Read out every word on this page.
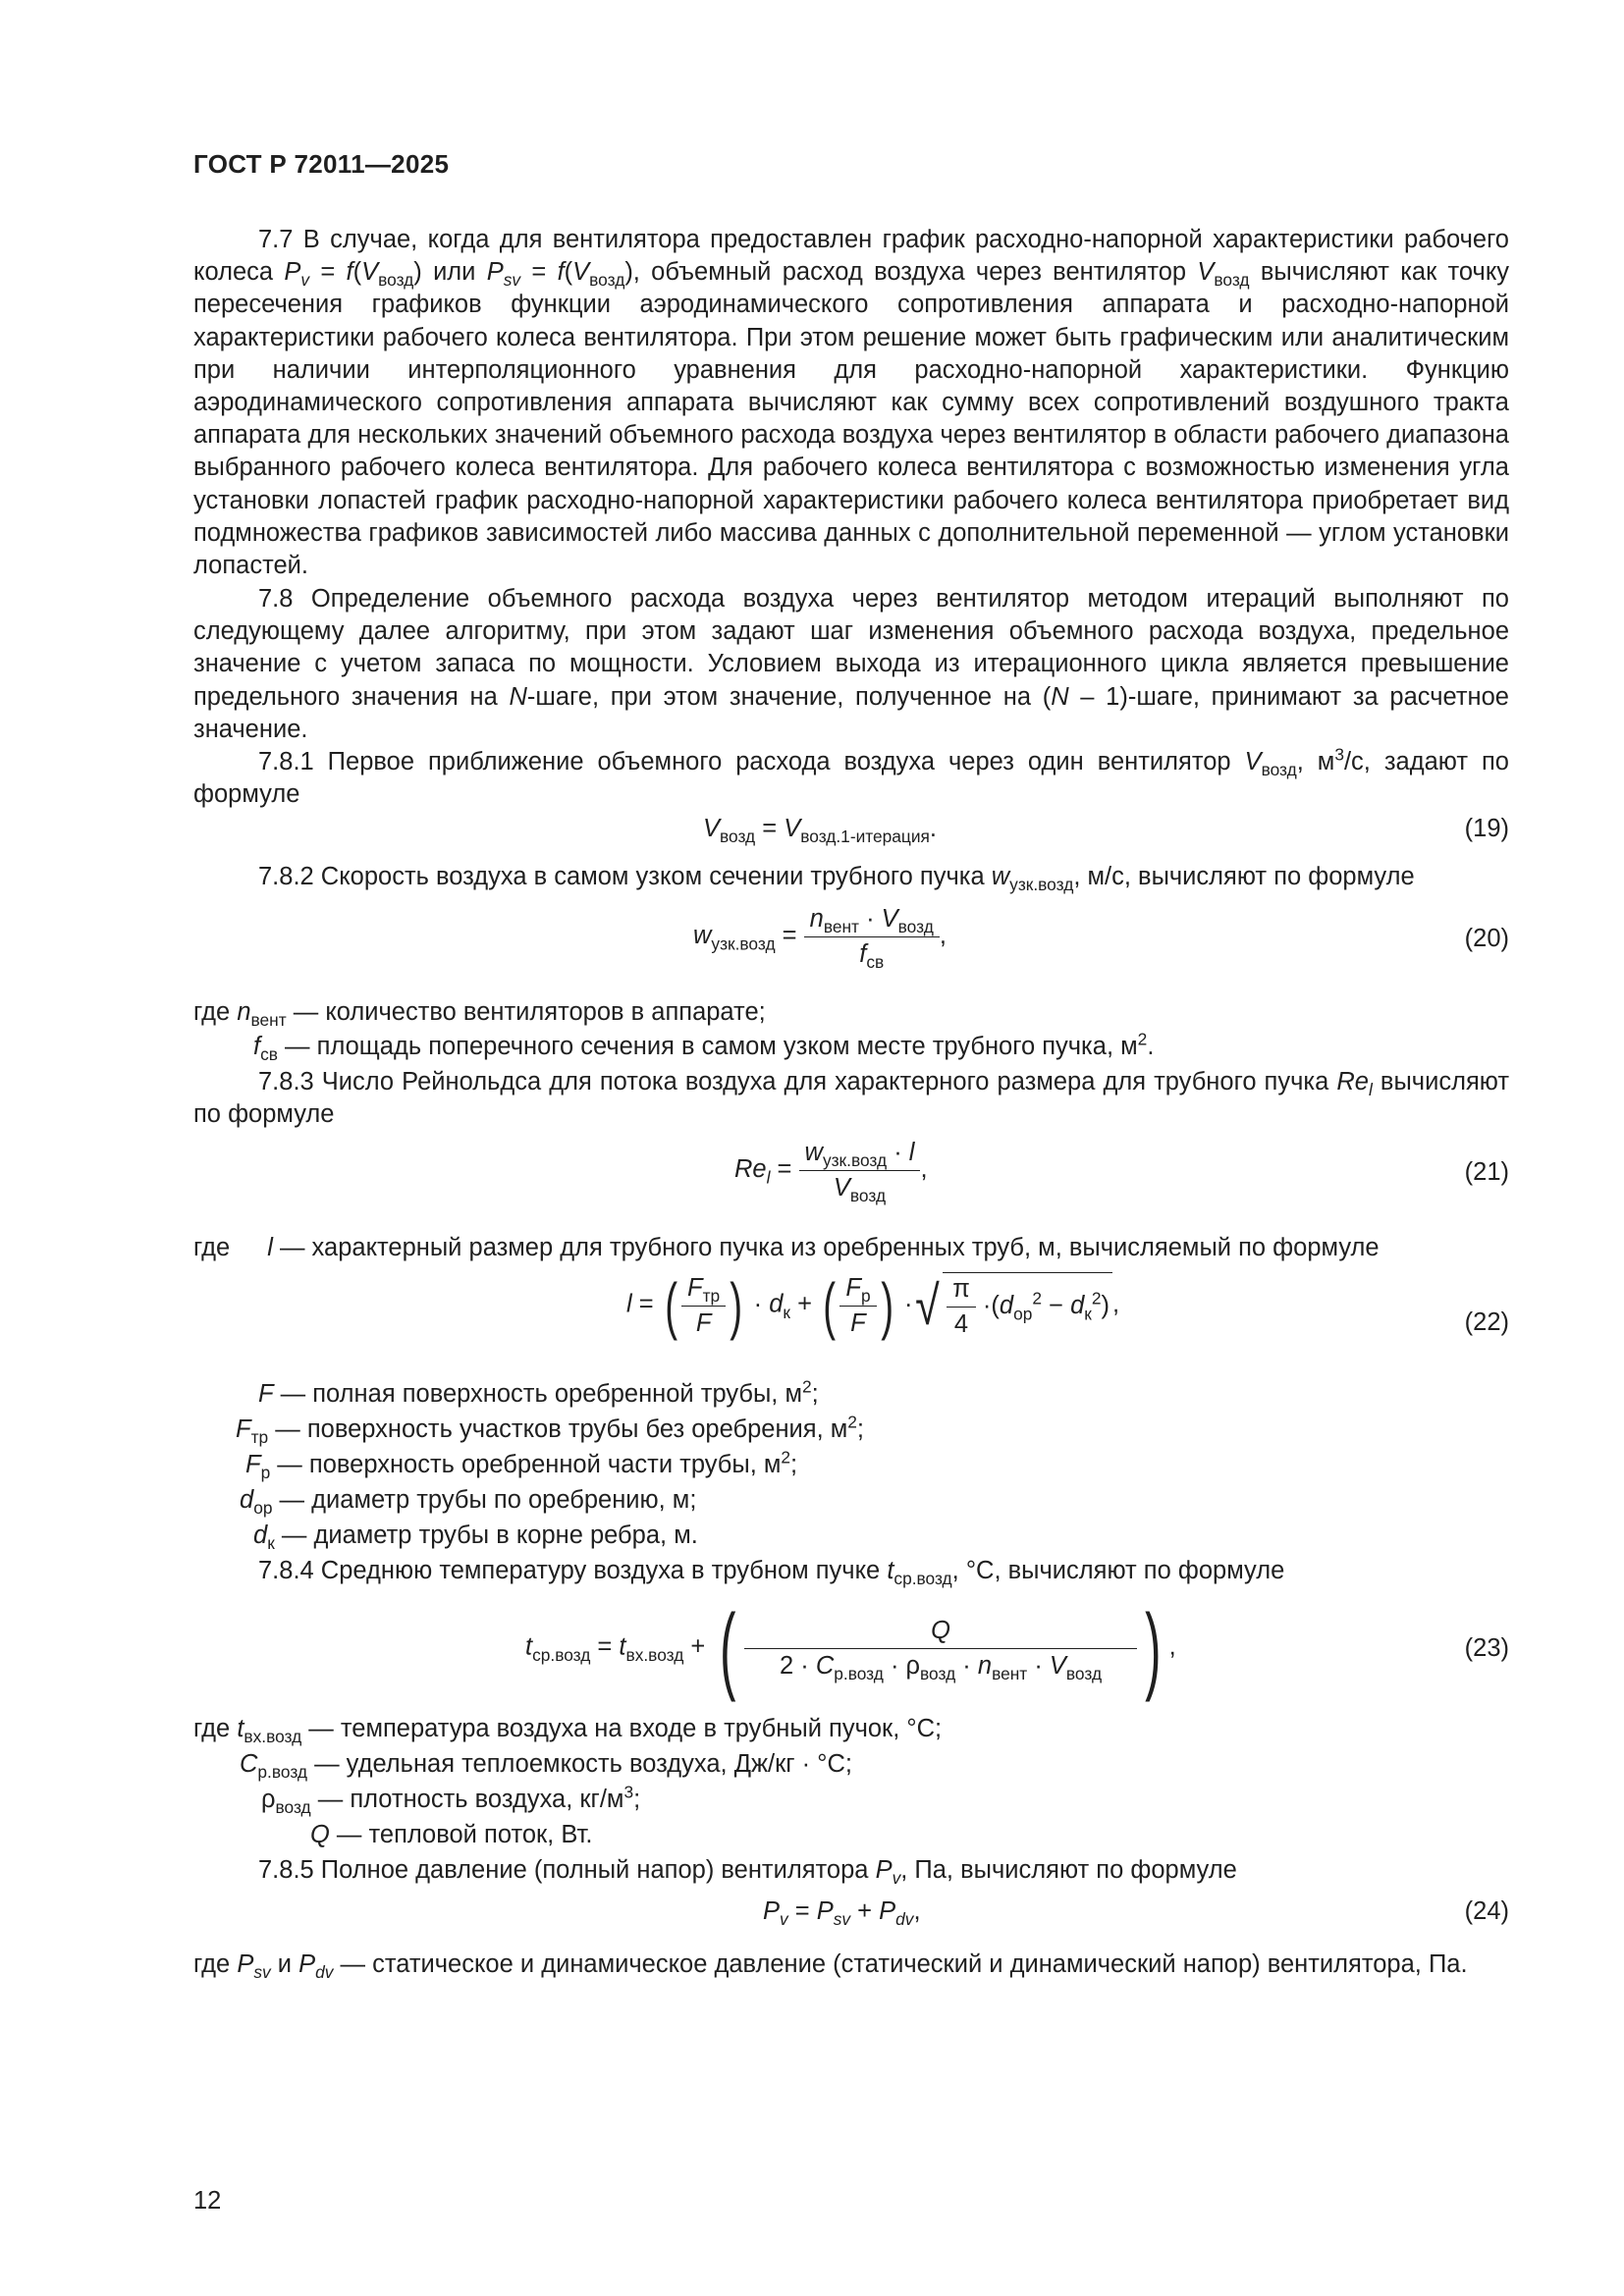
ГОСТ Р 72011—2025

7.7 В случае, когда для вентилятора предоставлен график расходно-напорной характеристики рабочего колеса $P_v = f(V_{возд})$ или $P_{sv} = f(V_{возд})$, объемный расход воздуха через вентилятор $V_{возд}$ вычисляют как точку пересечения графиков функции аэродинамического сопротивления аппарата и расходно-напорной характеристики рабочего колеса вентилятора. При этом решение может быть графическим или аналитическим при наличии интерполяционного уравнения для расходно-напорной характеристики. Функцию аэродинамического сопротивления аппарата вычисляют как сумму всех сопротивлений воздушного тракта аппарата для нескольких значений объемного расхода воздуха через вентилятор в области рабочего диапазона выбранного рабочего колеса вентилятора. Для рабочего колеса вентилятора с возможностью изменения угла установки лопастей график расходно-напорной характеристики рабочего колеса вентилятора приобретает вид подмножества графиков зависимостей либо массива данных с дополнительной переменной — углом установки лопастей.

7.8 Определение объемного расхода воздуха через вентилятор методом итераций выполняют по следующему далее алгоритму, при этом задают шаг изменения объемного расхода воздуха, предельное значение с учетом запаса по мощности. Условием выхода из итерационного цикла является превышение предельного значения на N-шаге, при этом значение, полученное на (N – 1)-шаге, принимают за расчетное значение.

7.8.1 Первое приближение объемного расхода воздуха через один вентилятор $V_{возд}$, $м^3/с$, задают по формуле

$V_{возд} = V_{возд.1-итерация}$.	(19)
7.8.2 Скорость воздуха в самом узком сечении трубного пучка $w_{узк.возд}$, м/с, вычисляют по формуле
$w_{узк.возд} = \frac{n_{вент} \cdot V_{возд}}{f_{св}}$ ,	(20)
где $n_{вент}$ — количество вентиляторов в аппарате;
$f_{св}$ — площадь поперечного сечения в самом узком месте трубного пучка, $м^2$.

7.8.3 Число Рейнольдса для потока воздуха для характерного размера для трубного пучка $Re_l$ вычисляют по формуле

$Re_l = \frac{w_{узк.возд} \cdot l}{V_{возд}}$ ,	(21)
где l — характерный размер для трубного пучка из оребренных труб, м, вычисляемый по формуле
l = ( $\frac{F_{тр}}{F}$ ) · $d_к$ + ( $\frac{F_р}{F}$ ) ·√ $\frac{\pi}{4} \cdot(d_{ор}^2 - d_к^2)$ ,
(22)
F — полная поверхность оребренной трубы, $м^2$;
$F_{тр}$ — поверхность участков трубы без оребрения, $м^2$;
$F_р$ — поверхность оребренной части трубы, $м^2$;
$d_{ор}$ — диаметр трубы по оребрению, м;
$d_к$ — диаметр трубы в корне ребра, м.
7.8.4 Среднюю температуру воздуха в трубном пучке $t_{ср.возд}$, °С, вычисляют по формуле
$t_{ср.возд} = t_{вх.возд}$ + ( $\frac{Q}{2 \cdot C_{р.возд} \cdot \rho_{возд} \cdot n_{вент} \cdot V_{возд}}$ ) ,	(23)
где $t_{вх.возд}$ — температура воздуха на входе в трубный пучок, °С;
$C_{р.возд}$ — удельная теплоемкость воздуха, Дж/кг · °С;
$\rho_{возд}$ — плотность воздуха, $кг/м^3$;
Q — тепловой поток, Вт.
7.8.5 Полное давление (полный напор) вентилятора $P_v$, Па, вычисляют по формуле
$P_v = P_{sv} + P_{dv}$,	(24)
где $P_{sv}$ и $P_{dv}$ — статическое и динамическое давление (статический и динамический напор) вентилятора, Па.
12
